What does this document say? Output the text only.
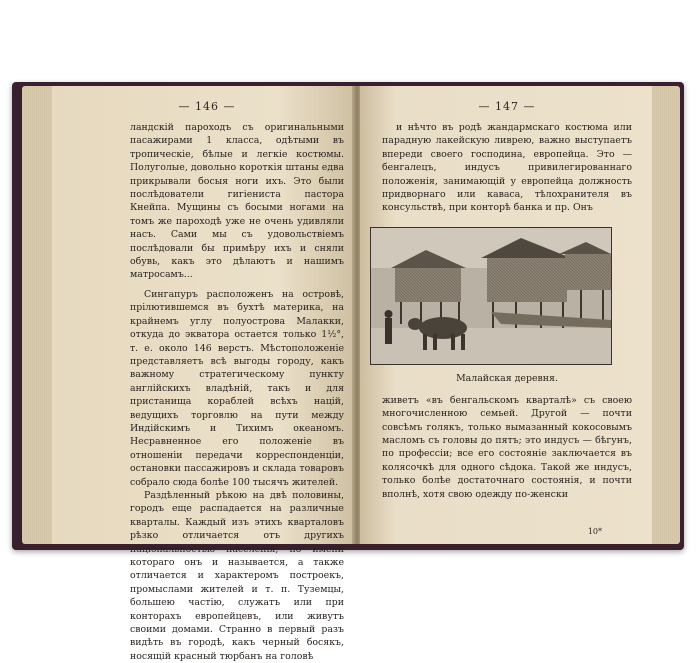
— 146 —

ландскій пароходъ съ оригинальными пасажирами 1 класса, одѣтыми въ тропическіе, бѣлые и легкіе костюмы. Полуголые, довольно короткія штаны едва прикрывали босыя ноги ихъ. Это были послѣдователи гигіениста пастора Кнейпа. Мущины съ босыми ногами на томъ же пароходѣ уже не очень удивляли насъ. Сами мы съ удовольствіемъ послѣдовали бы примѣру ихъ и сняли обувь, какъ это дѣлаютъ и нашимъ матросамъ...

Сингапуръ расположенъ на островѣ, прілютившемся въ бухтѣ материка, на крайнемъ углу полуострова Малакки, откуда до экватора остается только 1½°, т. е. около 146 верстъ. Мѣстоположеніе представляетъ всѣ выгоды городу, какъ важному стратегическому пункту англійскихъ владѣній, такъ и для пристанища кораблей всѣхъ націй, ведущихъ торговлю на пути между Индійскимъ и Тихимъ океаномъ. Несравненное его положеніе въ отношеніи передачи корреспонденціи, остановки пассажировъ и склада товаровъ собрало сюда болѣе 100 тысячъ жителей.

Раздѣленный рѣкою на двѣ половины, городъ еще распадается на различные кварталы. Каждый изъ этихъ кварталовъ рѣзко отличается отъ другихъ національностью населенія, по имени котораго онъ и называется, а также отличается и характеромъ построекъ, промыслами жителей и т. п. Туземцы, большею частію, служатъ или при конторахъ европейцевъ, или живутъ своими домами. Странно в первый разъ видѣть въ городѣ, какъ черный босякъ, носящій красный тюрбанъ на головѣ

— 147 —

и нѣчто въ родѣ жандармскаго костюма или парадную лакейскую ливрею, важно выступаетъ впереди своего господина, европейца. Это — бенгалецъ, индусъ привилегированнаго положенія, занимающій у европейца должность придворнаго или каваса, тѣлохранителя въ консульствѣ, при конторѣ банка и пр. Онъ

Малайская деревня.

живетъ «въ бенгальскомъ кварталѣ» съ своею многочисленною семьей. Другой — почти совсѣмъ голякъ, только вымазанный кокосовымъ масломъ съ головы до пятъ; это индусъ — бѣгунъ, по профессіи; все его состояніе заключается въ колясочкѣ для одного сѣдока. Такой же индусъ, только болѣе достаточнаго состоянія, и почти вполнѣ, хотя свою одежду по-женски

10*
